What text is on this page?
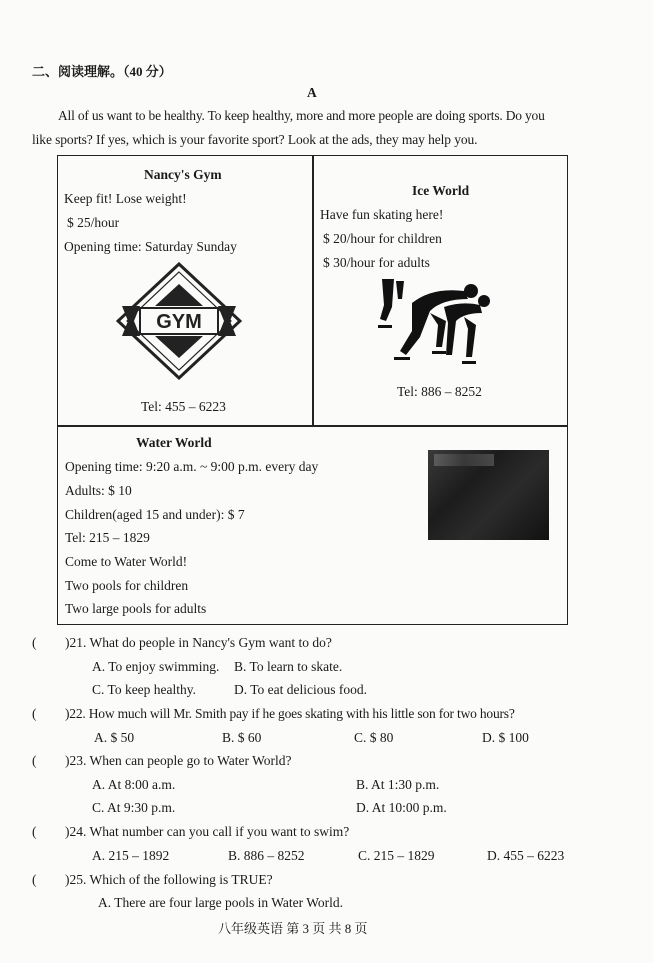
二、阅读理解。（40 分）
A
All of us want to be healthy. To keep healthy, more and more people are doing sports. Do you
like sports? If yes, which is your favorite sport? Look at the ads, they may help you.
Nancy's Gym
Keep fit! Lose weight!
$ 25/hour
Opening time: Saturday Sunday
GYM
Tel: 455 – 6223
Ice World
Have fun skating here!
$ 20/hour for children
$ 30/hour for adults
Tel: 886 – 8252
Water World
Opening time: 9:20 a.m. ~ 9:00 p.m. every day
Adults: $ 10
Children(aged 15 and under): $ 7
Tel: 215 – 1829
Come to Water World!
Two pools for children
Two large pools for adults
( )21. What do people in Nancy's Gym want to do?
A. To enjoy swimming. B. To learn to skate.
C. To keep healthy.	D. To eat delicious food.
( )22. How much will Mr. Smith pay if he goes skating with his little son for two hours?
A. $ 50	B. $ 60	C. $ 80	D. $ 100
( )23. When can people go to Water World?
A. At 8:00 a.m.	B. At 1:30 p.m.
C. At 9:30 p.m.	D. At 10:00 p.m.
( )24. What number can you call if you want to swim?
A. 215 – 1892	B. 886 – 8252	C. 215 – 1829	D. 455 – 6223
( )25. Which of the following is TRUE?
A. There are four large pools in Water World.
八年级英语 第 3 页 共 8 页
